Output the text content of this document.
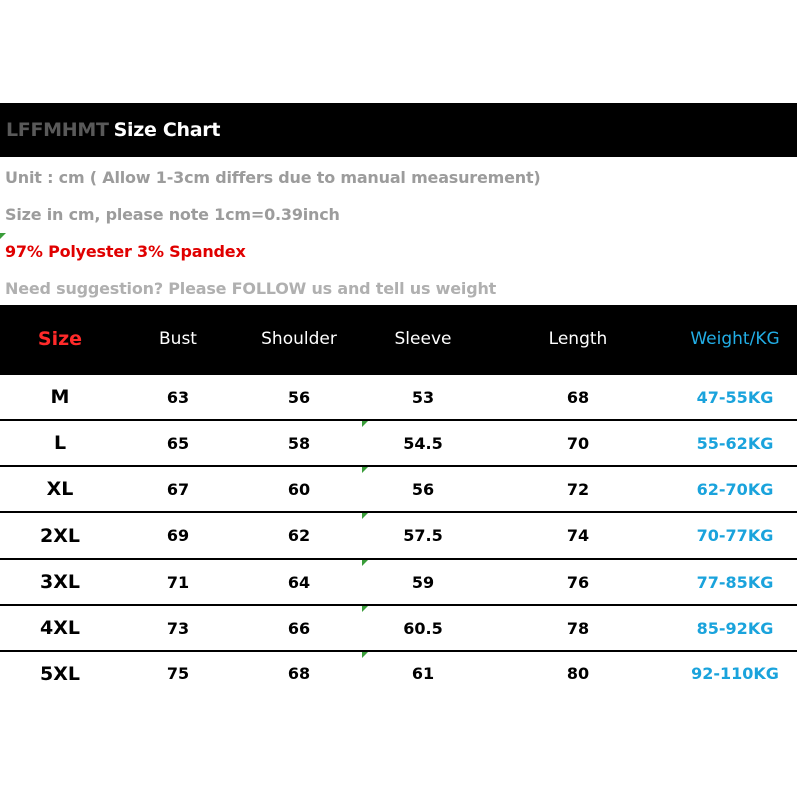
LFFMHMT Size Chart
Unit : cm ( Allow 1-3cm differs due to manual measurement)
Size in cm, please note 1cm=0.39inch
97% Polyester 3% Spandex
Need suggestion? Please FOLLOW us and tell us weight
Size	Bust	Shoulder	Sleeve	Length	Weight/KG
M	63	56	53	68	47-55KG
L	65	58	54.5	70	55-62KG
XL	67	60	56	72	62-70KG
2XL	69	62	57.5	74	70-77KG
3XL	71	64	59	76	77-85KG
4XL	73	66	60.5	78	85-92KG
5XL	75	68	61	80	92-110KG
